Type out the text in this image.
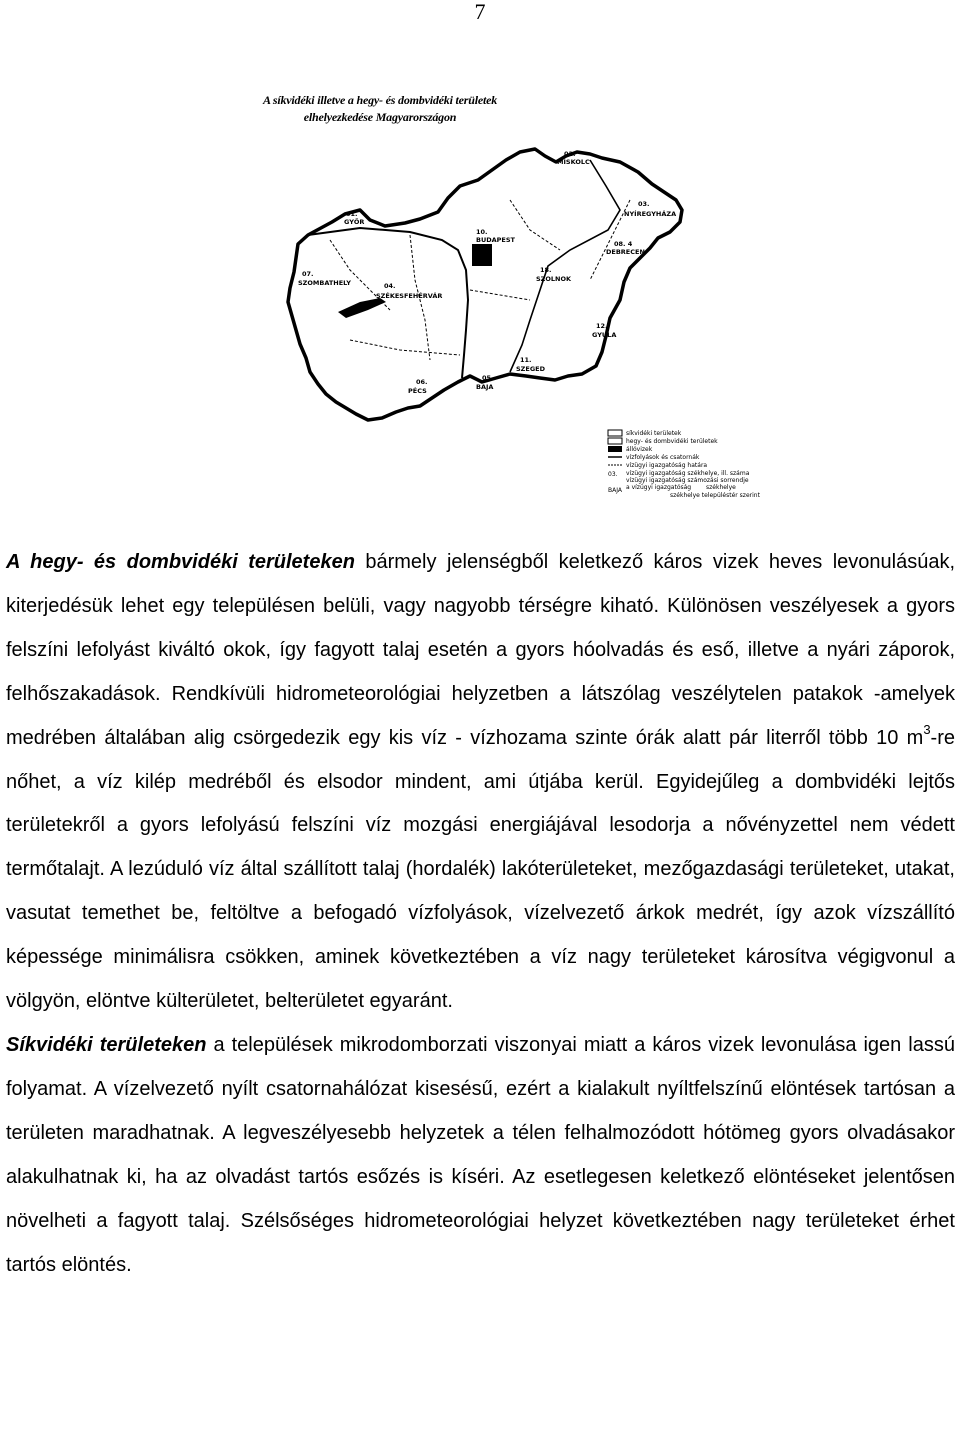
7
A síkvidéki illetve a hegy- és dombvidéki területek
elhelyezkedése Magyarországon
02.
MISKOLC
03.
NYÍREGYHÁZA
01.
GYŐR
10.
BUDAPEST	08. 4
DEBRECEN
07.
SZOMBATHELY
18.
SZOLNOK
04.
SZÉKESFEHÉRVÁR
12.
GYULA
11.
SZEGED
06.
PÉCS
05.
BAJA
síkvidéki területek
hegy- és dombvidéki területek
állóvizek
vízfolyások és csatornák
vízügyi igazgatóság határa
03. vízügyi igazgatóság székhelye, ill. száma
vízügyi igazgatóság számozási sorrendje
BAJA a vízügyi igazgatóság székhelye
székhelye településtér szerint

A hegy- és dombvidéki területeken bármely jelenségből keletkező káros vizek heves levonulásúak, kiterjedésük lehet egy településen belüli, vagy nagyobb térségre kiható. Különösen veszélyesek a gyors felszíni lefolyást kiváltó okok, így fagyott talaj esetén a gyors hóolvadás és eső, illetve a nyári záporok, felhőszakadások. Rendkívüli hidrometeorológiai helyzetben a látszólag veszélytelen patakok -amelyek medrében általában alig csörgedezik egy kis víz - vízhozama szinte órák alatt pár literről több 10 $m^3-re$ nőhet, a víz kilép medréből és elsodor mindent, ami útjába kerül. Egyidejűleg a dombvidéki lejtős területekről a gyors lefolyású felszíni víz mozgási energiájával lesodorja a nővényzettel nem védett termőtalajt. A lezúduló víz által szállított talaj (hordalék) lakóterületeket, mezőgazdasági területeket, utakat, vasutat temethet be, feltöltve a befogadó vízfolyások, vízelvezető árkok medrét, így azok vízszállító képessége minimálisra csökken, aminek következtében a víz nagy területeket károsítva végigvonul a völgyön, elöntve külterületet, belterületet egyaránt.

Síkvidéki területeken a települések mikrodomborzati viszonyai miatt a káros vizek levonulása igen lassú folyamat. A vízelvezető nyílt csatornahálózat kisesésű, ezért a kialakult nyíltfelszínű elöntések tartósan a területen maradhatnak. A legveszélyesebb helyzetek a télen felhalmozódott hótömeg gyors olvadásakor alakulhatnak ki, ha az olvadást tartós esőzés is kíséri. Az esetlegesen keletkező elöntéseket jelentősen növelheti a fagyott talaj. Szélsőséges hidrometeorológiai helyzet következtében nagy területeket érhet tartós elöntés.
